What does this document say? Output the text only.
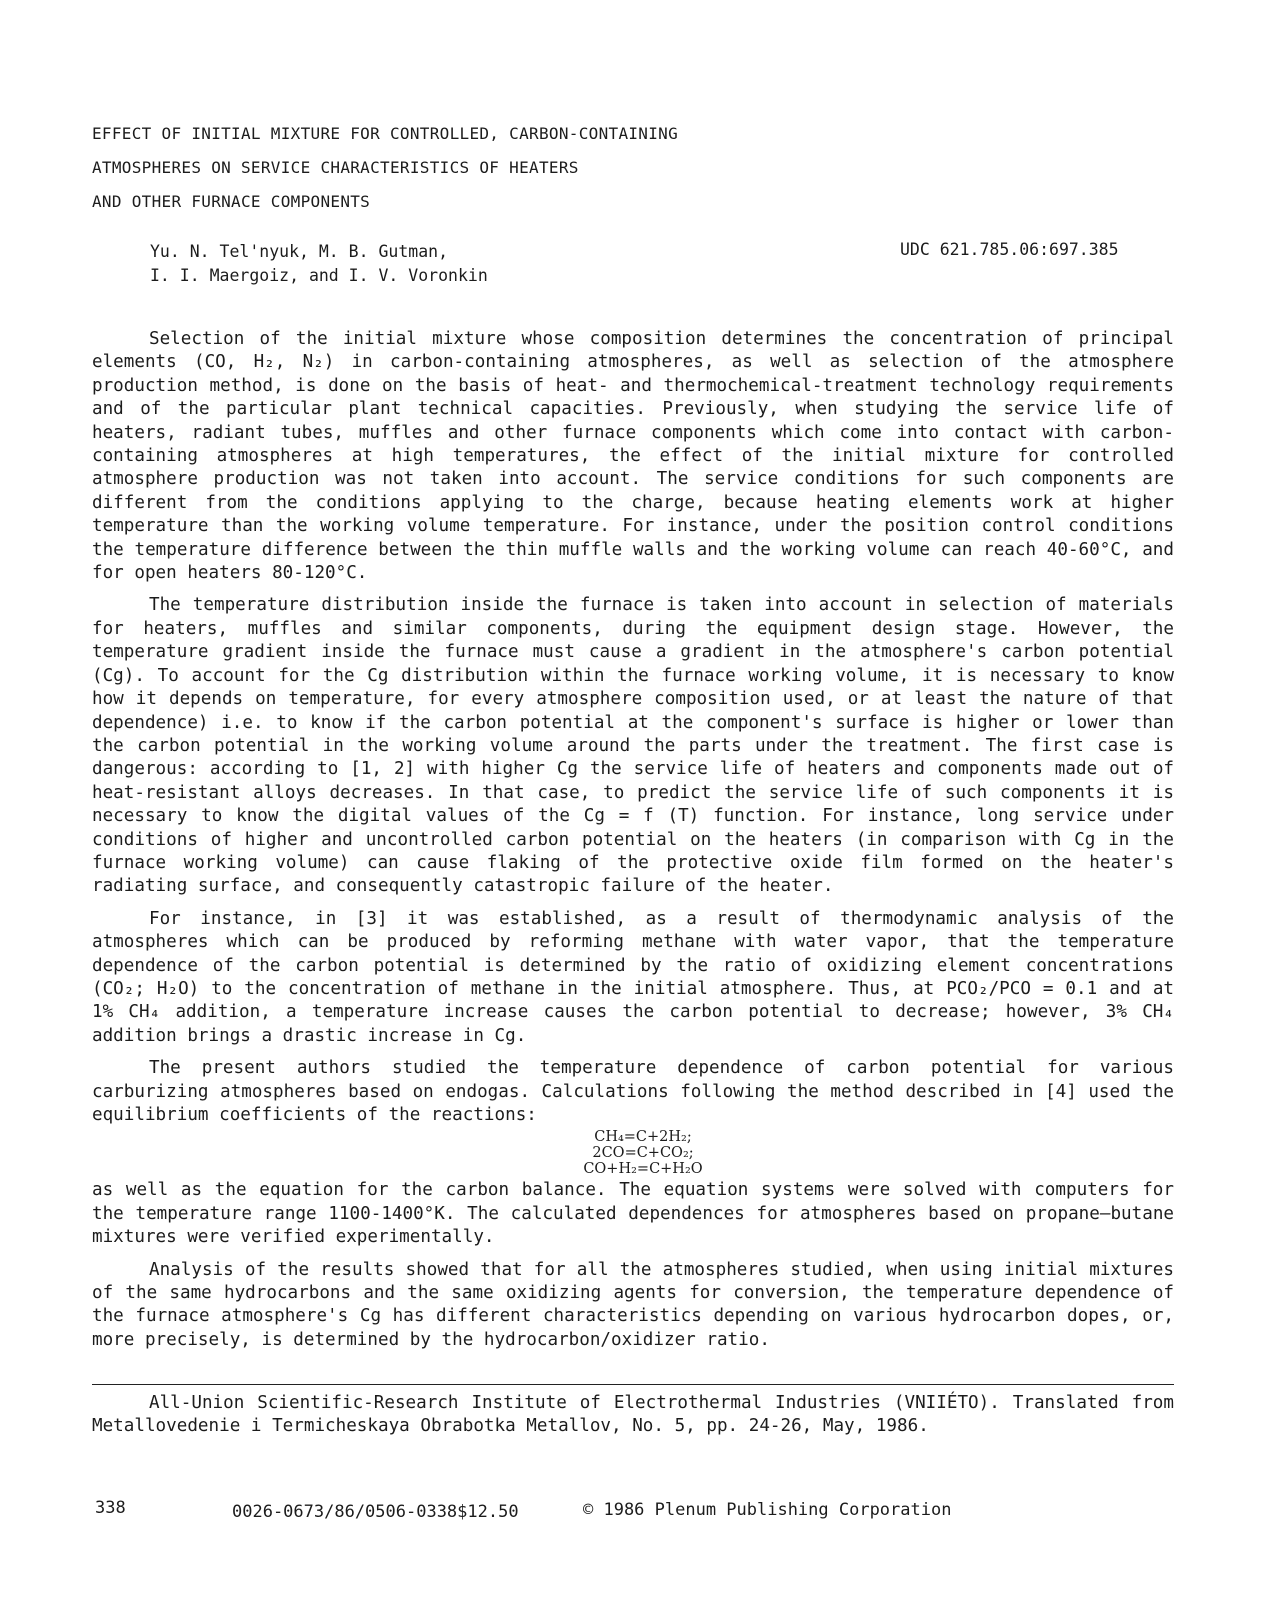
EFFECT OF INITIAL MIXTURE FOR CONTROLLED, CARBON-CONTAINING
ATMOSPHERES ON SERVICE CHARACTERISTICS OF HEATERS
AND OTHER FURNACE COMPONENTS
Yu. N. Tel'nyuk, M. B. Gutman,
I. I. Maergoiz, and I. V. Voronkin
UDC 621.785.06:697.385

Selection of the initial mixture whose composition determines the concentration of principal elements (CO, H₂, N₂) in carbon-containing atmospheres, as well as selection of the atmosphere production method, is done on the basis of heat- and thermochemical-treatment technology requirements and of the particular plant technical capacities. Previously, when studying the service life of heaters, radiant tubes, muffles and other furnace components which come into contact with carbon-containing atmospheres at high temperatures, the effect of the initial mixture for controlled atmosphere production was not taken into account. The service conditions for such components are different from the conditions applying to the charge, because heating elements work at higher temperature than the working volume temperature. For instance, under the position control conditions the temperature difference between the thin muffle walls and the working volume can reach 40-60°C, and for open heaters 80-120°C.

The temperature distribution inside the furnace is taken into account in selection of materials for heaters, muffles and similar components, during the equipment design stage. However, the temperature gradient inside the furnace must cause a gradient in the atmosphere's carbon potential (Cg). To account for the Cg distribution within the furnace working volume, it is necessary to know how it depends on temperature, for every atmosphere composition used, or at least the nature of that dependence) i.e. to know if the carbon potential at the component's surface is higher or lower than the carbon potential in the working volume around the parts under the treatment. The first case is dangerous: according to [1, 2] with higher Cg the service life of heaters and components made out of heat-resistant alloys decreases. In that case, to predict the service life of such components it is necessary to know the digital values of the Cg = f (T) function. For instance, long service under conditions of higher and uncontrolled carbon potential on the heaters (in comparison with Cg in the furnace working volume) can cause flaking of the protective oxide film formed on the heater's radiating surface, and consequently catastropic failure of the heater.

For instance, in [3] it was established, as a result of thermodynamic analysis of the atmospheres which can be produced by reforming methane with water vapor, that the temperature dependence of the carbon potential is determined by the ratio of oxidizing element concentrations (CO₂; H₂O) to the concentration of methane in the initial atmosphere. Thus, at PCO₂/PCO = 0.1 and at 1% CH₄ addition, a temperature increase causes the carbon potential to decrease; however, 3% CH₄ addition brings a drastic increase in Cg.

The present authors studied the temperature dependence of carbon potential for various carburizing atmospheres based on endogas. Calculations following the method described in [4] used the equilibrium coefficients of the reactions:

CH₄=C+2H₂;
2CO=C+CO₂;
CO+H₂=C+H₂O

as well as the equation for the carbon balance. The equation systems were solved with computers for the temperature range 1100-1400°K. The calculated dependences for atmospheres based on propane—butane mixtures were verified experimentally.

Analysis of the results showed that for all the atmospheres studied, when using initial mixtures of the same hydrocarbons and the same oxidizing agents for conversion, the temperature dependence of the furnace atmosphere's Cg has different characteristics depending on various hydrocarbon dopes, or, more precisely, is determined by the hydrocarbon/oxidizer ratio.

All-Union Scientific-Research Institute of Electrothermal Industries (VNIIÉTO). Translated from Metallovedenie i Termicheskaya Obrabotka Metallov, No. 5, pp. 24-26, May, 1986.
338	0026-0673/86/0506-0338$12.50	© 1986 Plenum Publishing Corporation
